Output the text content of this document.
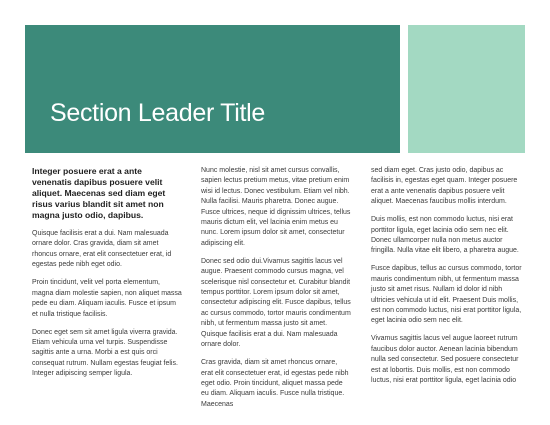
Section Leader Title

Integer posuere erat a ante venenatis dapibus posuere velit aliquet. Maecenas sed diam eget risus varius blandit sit amet non magna justo odio, dapibus.

Quisque facilisis erat a dui. Nam malesuada ornare dolor. Cras gravida, diam sit amet rhoncus ornare, erat elit consectetuer erat, id egestas pede nibh eget odio.

Proin tincidunt, velit vel porta elementum, magna diam molestie sapien, non aliquet massa pede eu diam. Aliquam iaculis. Fusce et ipsum et nulla tristique facilisis.

Donec eget sem sit amet ligula viverra gravida. Etiam vehicula urna vel turpis. Suspendisse sagittis ante a urna. Morbi a est quis orci consequat rutrum. Nullam egestas feugiat felis. Integer adipiscing semper ligula.

Nunc molestie, nisl sit amet cursus convallis, sapien lectus pretium metus, vitae pretium enim wisi id lectus. Donec vestibulum. Etiam vel nibh. Nulla facilisi. Mauris pharetra. Donec augue. Fusce ultrices, neque id dignissim ultrices, tellus mauris dictum elit, vel lacinia enim metus eu nunc. Lorem ipsum dolor sit amet, consectetur adipiscing elit.

Donec sed odio dui.Vivamus sagittis lacus vel augue. Praesent commodo cursus magna, vel scelerisque nisl consectetur et. Curabitur blandit tempus porttitor. Lorem ipsum dolor sit amet, consectetur adipiscing elit. Fusce dapibus, tellus ac cursus commodo, tortor mauris condimentum nibh, ut fermentum massa justo sit amet. Quisque facilisis erat a dui. Nam malesuada ornare dolor.

Cras gravida, diam sit amet rhoncus ornare, erat elit consectetuer erat, id egestas pede nibh eget odio. Proin tincidunt, aliquet massa pede eu diam. Aliquam iaculis. Fusce nulla tristique. Maecenas

sed diam eget. Cras justo odio, dapibus ac facilisis in, egestas eget quam. Integer posuere erat a ante venenatis dapibus posuere velit aliquet. Maecenas faucibus mollis interdum.

Duis mollis, est non commodo luctus, nisi erat porttitor ligula, eget lacinia odio sem nec elit. Donec ullamcorper nulla non metus auctor fringilla. Nulla vitae elit libero, a pharetra augue.

Fusce dapibus, tellus ac cursus commodo, tortor mauris condimentum nibh, ut fermentum massa justo sit amet risus. Nullam id dolor id nibh ultricies vehicula ut id elit. Praesent Duis mollis, est non commodo luctus, nisi erat porttitor ligula, eget lacinia odio sem nec elit.

Vivamus sagittis lacus vel augue laoreet rutrum faucibus dolor auctor. Aenean lacinia bibendum nulla sed consectetur. Sed posuere consectetur est at lobortis. Duis mollis, est non commodo luctus, nisi erat porttitor ligula, eget lacinia odio
